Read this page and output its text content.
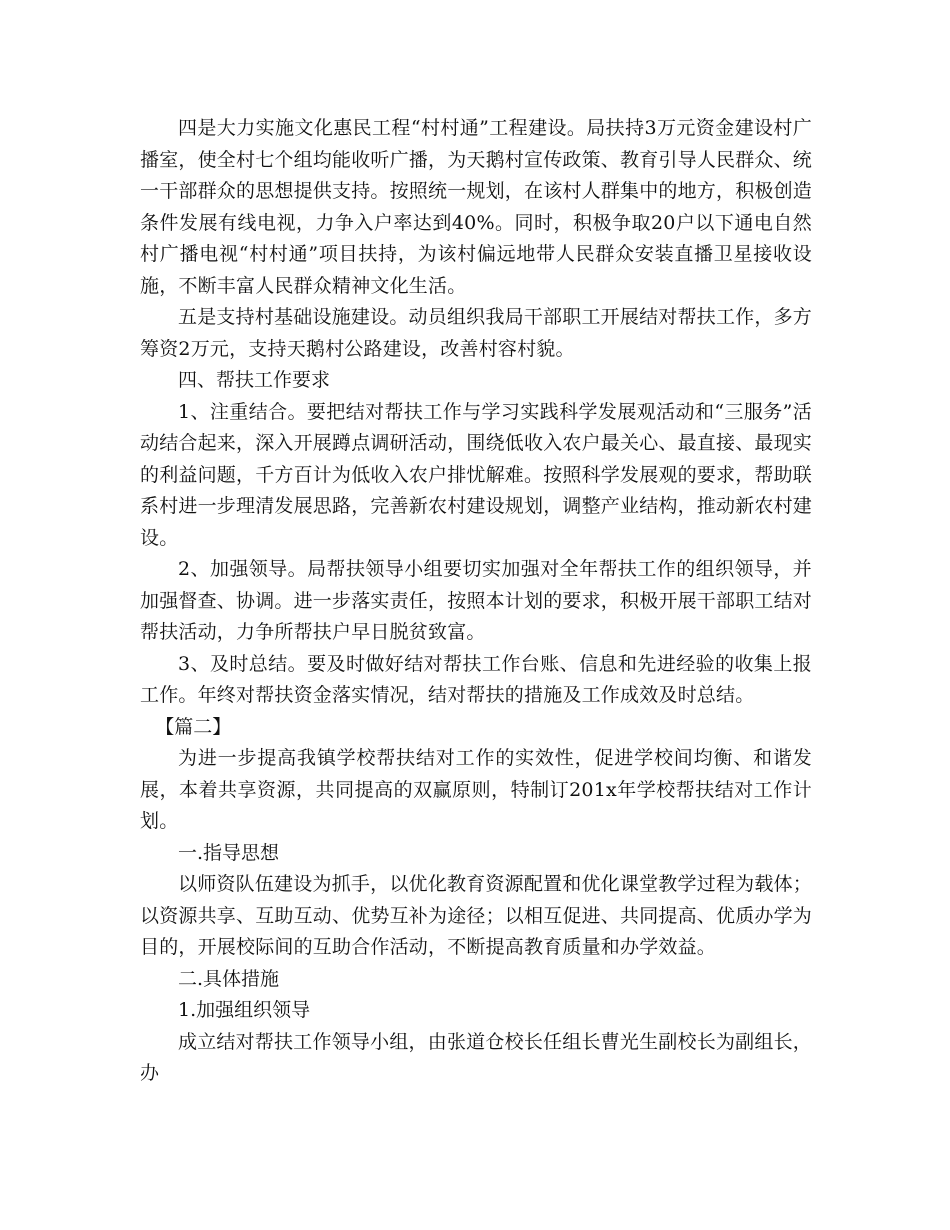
四是大力实施文化惠民工程“村村通”工程建设。局扶持3万元资金建设村广播室，使全村七个组均能收听广播，为天鹅村宣传政策、教育引导人民群众、统一干部群众的思想提供支持。按照统一规划，在该村人群集中的地方，积极创造条件发展有线电视，力争入户率达到40%。同时，积极争取20户以下通电自然村广播电视“村村通”项目扶持，为该村偏远地带人民群众安装直播卫星接收设施，不断丰富人民群众精神文化生活。

五是支持村基础设施建设。动员组织我局干部职工开展结对帮扶工作，多方筹资2万元，支持天鹅村公路建设，改善村容村貌。

四、帮扶工作要求

1、注重结合。要把结对帮扶工作与学习实践科学发展观活动和“三服务”活动结合起来，深入开展蹲点调研活动，围绕低收入农户最关心、最直接、最现实的利益问题，千方百计为低收入农户排忧解难。按照科学发展观的要求，帮助联系村进一步理清发展思路，完善新农村建设规划，调整产业结构，推动新农村建设。

2、加强领导。局帮扶领导小组要切实加强对全年帮扶工作的组织领导，并加强督查、协调。进一步落实责任，按照本计划的要求，积极开展干部职工结对帮扶活动，力争所帮扶户早日脱贫致富。

3、及时总结。要及时做好结对帮扶工作台账、信息和先进经验的收集上报工作。年终对帮扶资金落实情况，结对帮扶的措施及工作成效及时总结。

【篇二】

为进一步提高我镇学校帮扶结对工作的实效性，促进学校间均衡、和谐发展，本着共享资源，共同提高的双赢原则，特制订201x年学校帮扶结对工作计划。

一.指导思想

以师资队伍建设为抓手，以优化教育资源配置和优化课堂教学过程为载体；以资源共享、互助互动、优势互补为途径；以相互促进、共同提高、优质办学为目的，开展校际间的互助合作活动，不断提高教育质量和办学效益。

二.具体措施

1.加强组织领导

成立结对帮扶工作领导小组，由张道仓校长任组长曹光生副校长为副组长，办
